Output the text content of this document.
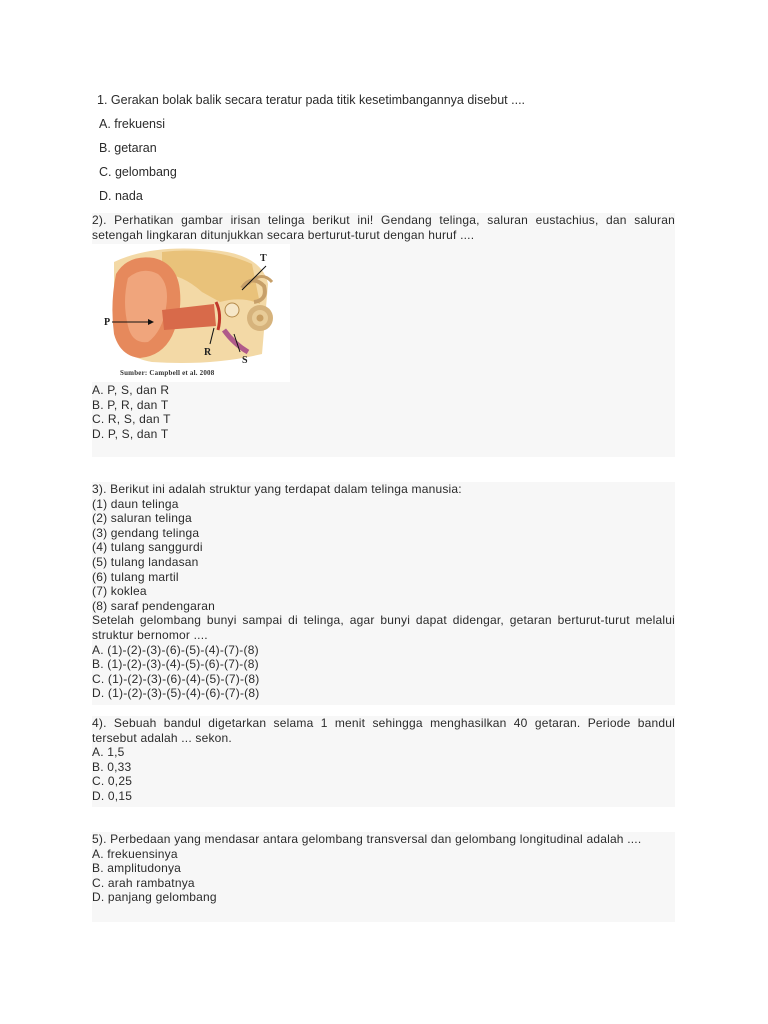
1. Gerakan bolak balik secara teratur pada titik kesetimbangannya disebut ....
A. frekuensi
B. getaran
C. gelombang
D. nada
2). Perhatikan gambar irisan telinga berikut ini! Gendang telinga, saluran eustachius, dan saluran setengah lingkaran ditunjukkan secara berturut-turut dengan huruf ....
T
P
R
S
Sumber: Campbell et al. 2008
A. P, S, dan R
B. P, R, dan T
C. R, S, dan T
D. P, S, dan T
3). Berikut ini adalah struktur yang terdapat dalam telinga manusia:
(1) daun telinga
(2) saluran telinga
(3) gendang telinga
(4) tulang sanggurdi
(5) tulang landasan
(6) tulang martil
(7) koklea
(8) saraf pendengaran
Setelah gelombang bunyi sampai di telinga, agar bunyi dapat didengar, getaran berturut-turut melalui struktur bernomor ....
A. (1)-(2)-(3)-(6)-(5)-(4)-(7)-(8)
B. (1)-(2)-(3)-(4)-(5)-(6)-(7)-(8)
C. (1)-(2)-(3)-(6)-(4)-(5)-(7)-(8)
D. (1)-(2)-(3)-(5)-(4)-(6)-(7)-(8)
4). Sebuah bandul digetarkan selama 1 menit sehingga menghasilkan 40 getaran. Periode bandul tersebut adalah ... sekon.
A. 1,5
B. 0,33
C. 0,25
D. 0,15
5). Perbedaan yang mendasar antara gelombang transversal dan gelombang longitudinal adalah ....
A. frekuensinya
B. amplitudonya
C. arah rambatnya
D. panjang gelombang
